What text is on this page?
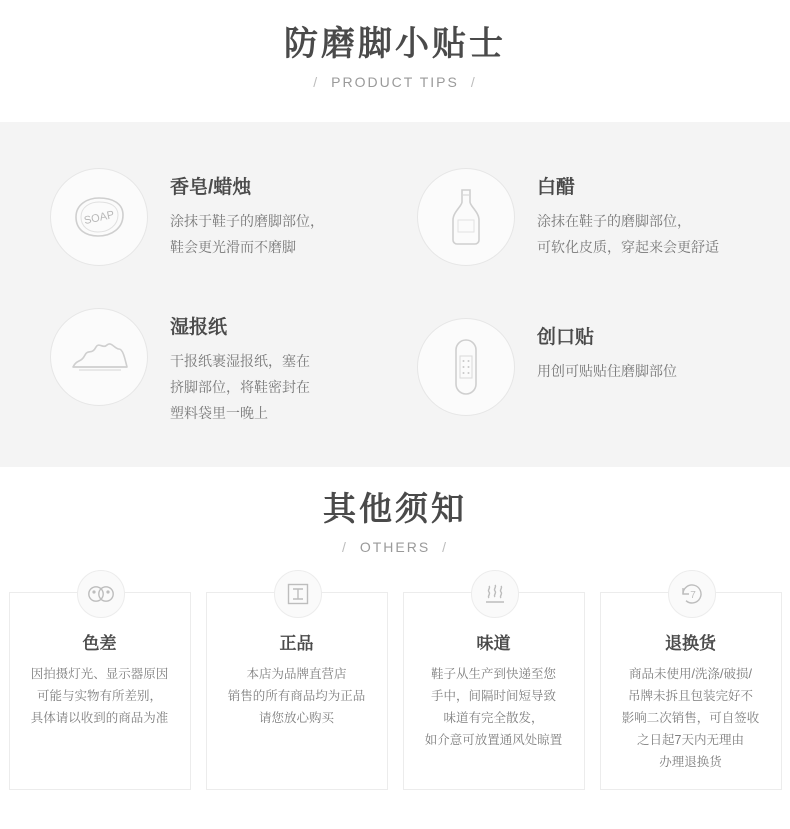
防磨脚小贴士
/ PRODUCT TIPS /
SOAP
香皂/蜡烛
涂抹于鞋子的磨脚部位，
鞋会更光滑而不磨脚
白醋
涂抹在鞋子的磨脚部位，
可软化皮质，穿起来会更舒适
湿报纸
干报纸裹湿报纸，塞在
挤脚部位，将鞋密封在
塑料袋里一晚上
创口贴
用创可贴贴住磨脚部位
其他须知
/ OTHERS /
色差
因拍摄灯光、显示器原因
可能与实物有所差别，
具体请以收到的商品为准
正品
本店为品牌直营店
销售的所有商品均为正品
请您放心购买
味道
鞋子从生产到快递至您
手中，间隔时间短导致
味道有完全散发，
如介意可放置通风处晾置
7
退换货
商品未使用/洗涤/破损/
吊牌未拆且包装完好不
影响二次销售，可自签收
之日起7天内无理由
办理退换货
